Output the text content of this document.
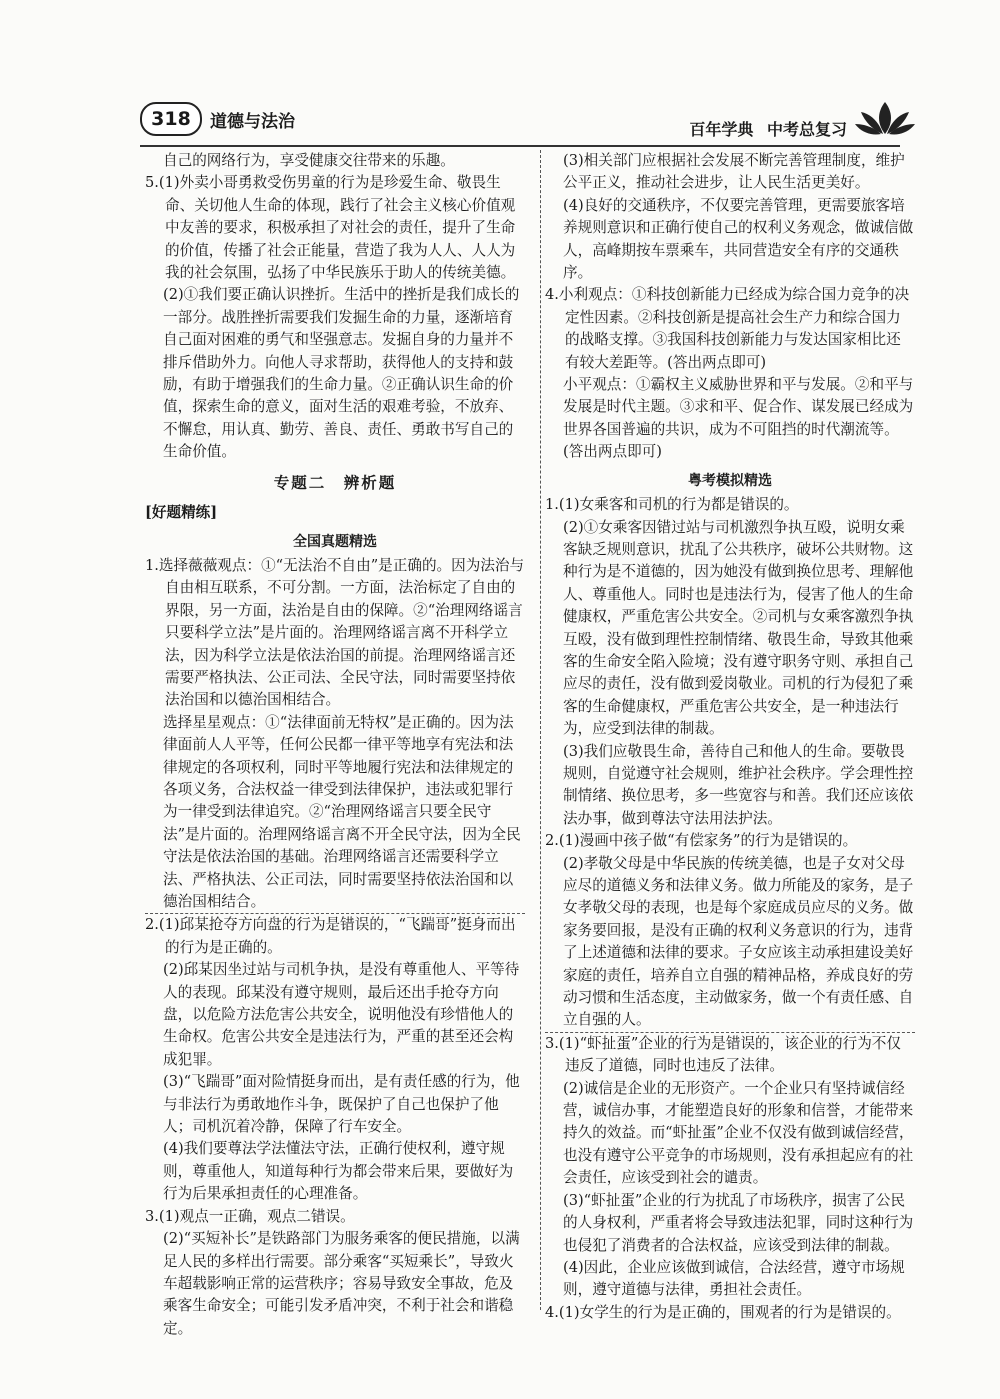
318	道德与法治	百年学典 中考总复习

自己的网络行为，享受健康交往带来的乐趣。

5.(1)外卖小哥勇救受伤男童的行为是珍爱生命、敬畏生命、关切他人生命的体现，践行了社会主义核心价值观中友善的要求，积极承担了对社会的责任，提升了生命的价值，传播了社会正能量，营造了我为人人、人人为我的社会氛围，弘扬了中华民族乐于助人的传统美德。

(2)①我们要正确认识挫折。生活中的挫折是我们成长的一部分。战胜挫折需要我们发掘生命的力量，逐渐培育自己面对困难的勇气和坚强意志。发掘自身的力量并不排斥借助外力。向他人寻求帮助，获得他人的支持和鼓励，有助于增强我们的生命力量。②正确认识生命的价值，探索生命的意义，面对生活的艰难考验，不放弃、不懈怠，用认真、勤劳、善良、责任、勇敢书写自己的生命价值。

专题二　辨析题

[好题精练]

全国真题精选

1.选择薇薇观点：①“无法治不自由”是正确的。因为法治与自由相互联系，不可分割。一方面，法治标定了自由的界限，另一方面，法治是自由的保障。②“治理网络谣言只要科学立法”是片面的。治理网络谣言离不开科学立法，因为科学立法是依法治国的前提。治理网络谣言还需要严格执法、公正司法、全民守法，同时需要坚持依法治国和以德治国相结合。

选择星星观点：①“法律面前无特权”是正确的。因为法律面前人人平等，任何公民都一律平等地享有宪法和法律规定的各项权利，同时平等地履行宪法和法律规定的各项义务，合法权益一律受到法律保护，违法或犯罪行为一律受到法律追究。②“治理网络谣言只要全民守法”是片面的。治理网络谣言离不开全民守法，因为全民守法是依法治国的基础。治理网络谣言还需要科学立法、严格执法、公正司法，同时需要坚持依法治国和以德治国相结合。

2.(1)邱某抢夺方向盘的行为是错误的，“飞踹哥”挺身而出的行为是正确的。

(2)邱某因坐过站与司机争执，是没有尊重他人、平等待人的表现。邱某没有遵守规则，最后还出手抢夺方向盘，以危险方法危害公共安全，说明他没有珍惜他人的生命权。危害公共安全是违法行为，严重的甚至还会构成犯罪。

(3)“飞踹哥”面对险情挺身而出，是有责任感的行为，他与非法行为勇敢地作斗争，既保护了自己也保护了他人；司机沉着冷静，保障了行车安全。

(4)我们要尊法学法懂法守法，正确行使权利，遵守规则，尊重他人，知道每种行为都会带来后果，要做好为行为后果承担责任的心理准备。

3.(1)观点一正确，观点二错误。

(2)“买短补长”是铁路部门为服务乘客的便民措施，以满足人民的多样出行需要。部分乘客“买短乘长”，导致火车超载影响正常的运营秩序；容易导致安全事故，危及乘客生命安全；可能引发矛盾冲突，不利于社会和谐稳定。

(3)相关部门应根据社会发展不断完善管理制度，维护公平正义，推动社会进步，让人民生活更美好。

(4)良好的交通秩序，不仅要完善管理，更需要旅客培养规则意识和正确行使自己的权利义务观念，做诚信做人，高峰期按车票乘车，共同营造安全有序的交通秩序。

4.小利观点：①科技创新能力已经成为综合国力竞争的决定性因素。②科技创新是提高社会生产力和综合国力的战略支撑。③我国科技创新能力与发达国家相比还有较大差距等。(答出两点即可)

小平观点：①霸权主义威胁世界和平与发展。②和平与发展是时代主题。③求和平、促合作、谋发展已经成为世界各国普遍的共识，成为不可阻挡的时代潮流等。(答出两点即可)

粤考模拟精选

1.(1)女乘客和司机的行为都是错误的。

(2)①女乘客因错过站与司机激烈争执互殴，说明女乘客缺乏规则意识，扰乱了公共秩序，破坏公共财物。这种行为是不道德的，因为她没有做到换位思考、理解他人、尊重他人。同时也是违法行为，侵害了他人的生命健康权，严重危害公共安全。②司机与女乘客激烈争执互殴，没有做到理性控制情绪、敬畏生命，导致其他乘客的生命安全陷入险境；没有遵守职务守则、承担自己应尽的责任，没有做到爱岗敬业。司机的行为侵犯了乘客的生命健康权，严重危害公共安全，是一种违法行为，应受到法律的制裁。

(3)我们应敬畏生命，善待自己和他人的生命。要敬畏规则，自觉遵守社会规则，维护社会秩序。学会理性控制情绪、换位思考，多一些宽容与和善。我们还应该依法办事，做到尊法守法用法护法。

2.(1)漫画中孩子做“有偿家务”的行为是错误的。

(2)孝敬父母是中华民族的传统美德，也是子女对父母应尽的道德义务和法律义务。做力所能及的家务，是子女孝敬父母的表现，也是每个家庭成员应尽的义务。做家务要回报，是没有正确的权利义务意识的行为，违背了上述道德和法律的要求。子女应该主动承担建设美好家庭的责任，培养自立自强的精神品格，养成良好的劳动习惯和生活态度，主动做家务，做一个有责任感、自立自强的人。

3.(1)“虾扯蛋”企业的行为是错误的，该企业的行为不仅违反了道德，同时也违反了法律。

(2)诚信是企业的无形资产。一个企业只有坚持诚信经营，诚信办事，才能塑造良好的形象和信誉，才能带来持久的效益。而“虾扯蛋”企业不仅没有做到诚信经营，也没有遵守公平竞争的市场规则，没有承担起应有的社会责任，应该受到社会的谴责。

(3)“虾扯蛋”企业的行为扰乱了市场秩序，损害了公民的人身权利，严重者将会导致违法犯罪，同时这种行为也侵犯了消费者的合法权益，应该受到法律的制裁。

(4)因此，企业应该做到诚信，合法经营，遵守市场规则，遵守道德与法律，勇担社会责任。

4.(1)女学生的行为是正确的，围观者的行为是错误的。
